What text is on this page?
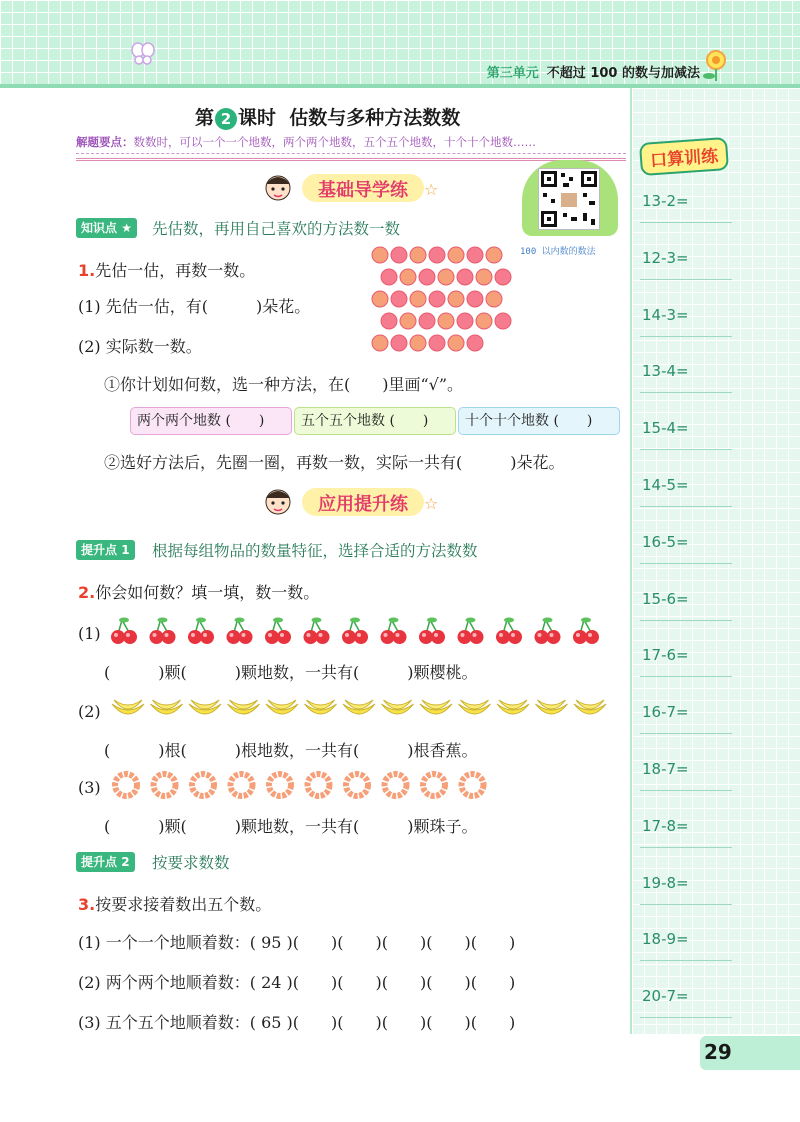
第三单元 不超过 100 的数与加减法
口算训练
13-2=
12-3=
14-3=
13-4=
15-4=
14-5=
16-5=
15-6=
17-6=
16-7=
18-7=
17-8=
19-8=
18-9=
20-7=
第 2 课时 估数与多种方法数数
解题要点：数数时，可以一个一个地数，两个两个地数，五个五个地数，十个十个地数……
100 以内数的数法
基础导学练	☆
知识点 ★	先估数，再用自己喜欢的方法数一数
1.先估一估，再数一数。
(1) 先估一估，有(　　　)朵花。
(2) 实际数一数。
①你计划如何数，选一种方法，在(　　)里画“√”。
两个两个地数 (　　)	五个五个地数 (　　)	十个十个地数 (　　)
②选好方法后，先圈一圈，再数一数，实际一共有(　　　)朵花。
应用提升练	☆
提升点 1	根据每组物品的数量特征，选择合适的方法数数
2.你会如何数？填一填，数一数。
(1)
(　　　)颗(　　　)颗地数，一共有(　　　)颗樱桃。
(2)
(　　　)根(　　　)根地数，一共有(　　　)根香蕉。
(3)
(　　　)颗(　　　)颗地数，一共有(　　　)颗珠子。
提升点 2	按要求数数
3.按要求接着数出五个数。
(1) 一个一个地顺着数：( 95 )(　　)(　　)(　　)(　　)(　　)
(2) 两个两个地顺着数：( 24 )(　　)(　　)(　　)(　　)(　　)
(3) 五个五个地顺着数：( 65 )(　　)(　　)(　　)(　　)(　　)
29
